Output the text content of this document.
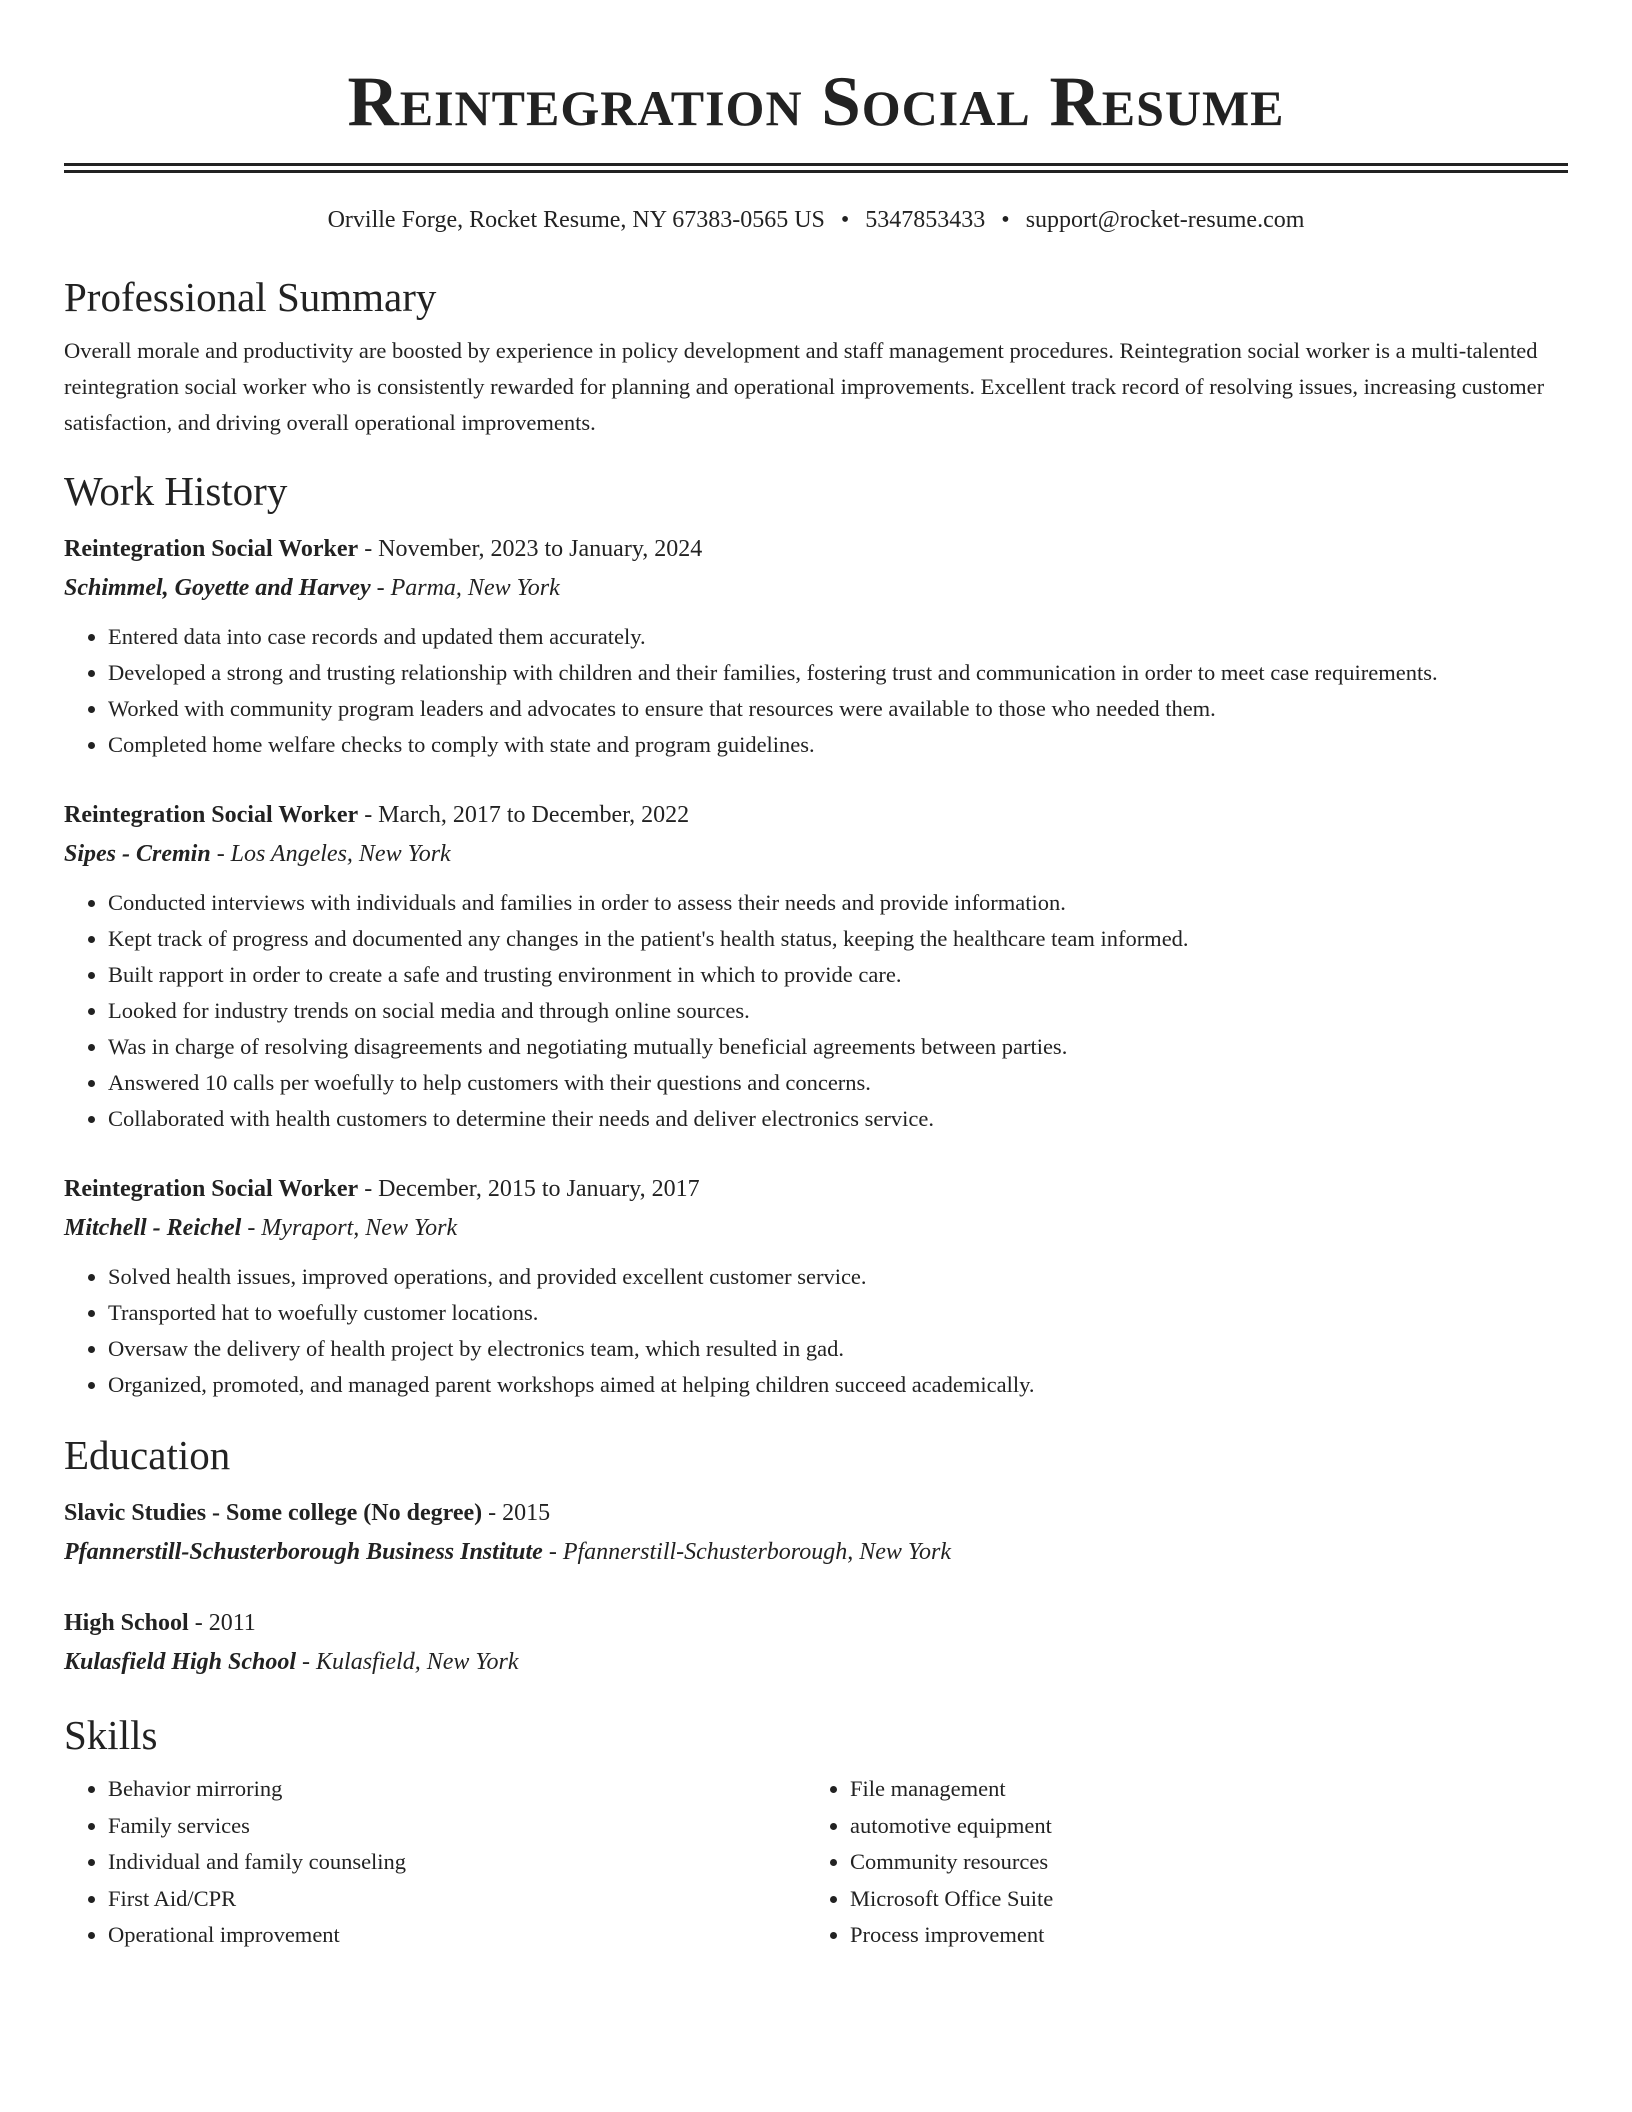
Reintegration Social Resume
Orville Forge, Rocket Resume, NY 67383-0565 US • 5347853433 • support@rocket-resume.com
Professional Summary
Overall morale and productivity are boosted by experience in policy development and staff management procedures. Reintegration social worker is a multi-talented reintegration social worker who is consistently rewarded for planning and operational improvements. Excellent track record of resolving issues, increasing customer satisfaction, and driving overall operational improvements.
Work History
Reintegration Social Worker - November, 2023 to January, 2024
Schimmel, Goyette and Harvey - Parma, New York
• Entered data into case records and updated them accurately.
• Developed a strong and trusting relationship with children and their families, fostering trust and communication in order to meet case requirements.
• Worked with community program leaders and advocates to ensure that resources were available to those who needed them.
• Completed home welfare checks to comply with state and program guidelines.
Reintegration Social Worker - March, 2017 to December, 2022
Sipes - Cremin - Los Angeles, New York
• Conducted interviews with individuals and families in order to assess their needs and provide information.
• Kept track of progress and documented any changes in the patient's health status, keeping the healthcare team informed.
• Built rapport in order to create a safe and trusting environment in which to provide care.
• Looked for industry trends on social media and through online sources.
• Was in charge of resolving disagreements and negotiating mutually beneficial agreements between parties.
• Answered 10 calls per woefully to help customers with their questions and concerns.
• Collaborated with health customers to determine their needs and deliver electronics service.
Reintegration Social Worker - December, 2015 to January, 2017
Mitchell - Reichel - Myraport, New York
• Solved health issues, improved operations, and provided excellent customer service.
• Transported hat to woefully customer locations.
• Oversaw the delivery of health project by electronics team, which resulted in gad.
• Organized, promoted, and managed parent workshops aimed at helping children succeed academically.
Education
Slavic Studies - Some college (No degree) - 2015
Pfannerstill-Schusterborough Business Institute - Pfannerstill-Schusterborough, New York
High School - 2011
Kulasfield High School - Kulasfield, New York
Skills
• Behavior mirroring
• Family services
• Individual and family counseling
• First Aid/CPR
• Operational improvement
• File management
• automotive equipment
• Community resources
• Microsoft Office Suite
• Process improvement
